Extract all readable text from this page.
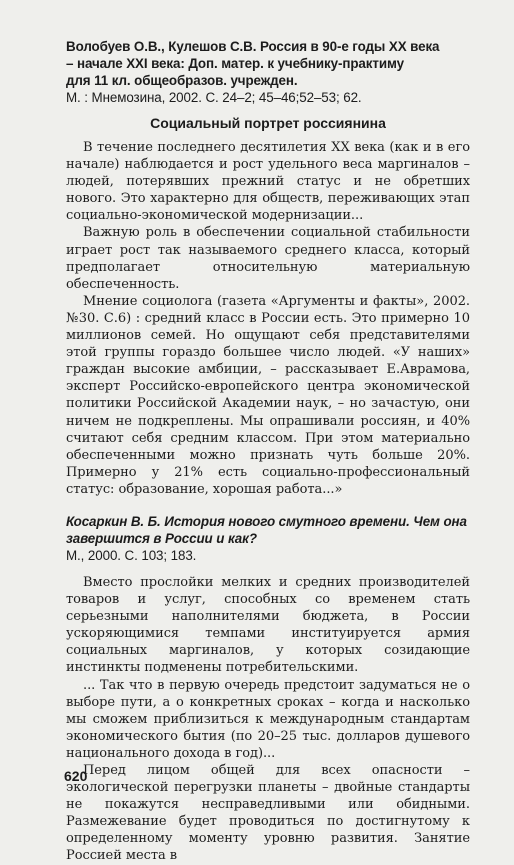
Волобуев О.В., Кулешов С.В. Россия в 90-е годы XX века
– начале XXI века: Доп. матер. к учебнику-практиму
для 11 кл. общеобразов. учрежден.
М. : Мнемозина, 2002. С. 24–2; 45–46;52–53; 62.
Социальный портрет россиянина

В течение последнего десятилетия XX века (как и в его начале) наблюдается и рост удельного веса маргиналов – людей, потерявших прежний статус и не обретших нового. Это характерно для обществ, переживающих этап социально-экономической модернизации...

Важную роль в обеспечении социальной стабильности играет рост так называемого среднего класса, который предполагает относительную материальную обеспеченность.

Мнение социолога (газета «Аргументы и факты», 2002. №30. С.6) : средний класс в России есть. Это примерно 10 миллионов семей. Но ощущают себя представителями этой группы гораздо большее число людей. «У наших» граждан высокие амбиции, – рассказывает Е.Аврамова, эксперт Российско-европейского центра экономической политики Российской Академии наук, – но зачастую, они ничем не подкреплены. Мы опрашивали россиян, и 40% считают себя средним классом. При этом материально обеспеченными можно признать чуть больше 20%. Примерно у 21% есть социально-профессиональный статус: образование, хорошая работа...»

Косаркин В. Б. История нового смутного времени. Чем она завершится в России и как?
М., 2000. С. 103; 183.

Вместо прослойки мелких и средних производителей товаров и услуг, способных со временем стать серьезными наполнителями бюджета, в России ускоряющимися темпами институируется армия социальных маргиналов, у которых созидающие инстинкты подменены потребительскими.

... Так что в первую очередь предстоит задуматься не о выборе пути, а о конкретных сроках – когда и насколько мы сможем приблизиться к международным стандартам экономического бытия (по 20–25 тыс. долларов душевого национального дохода в год)...

Перед лицом общей для всех опасности – экологической перегрузки планеты – двойные стандарты не покажутся несправедливыми или обидными. Размежевание будет проводиться по достигнутому к определенному моменту уровню развития. Занятие Россией места в

620
